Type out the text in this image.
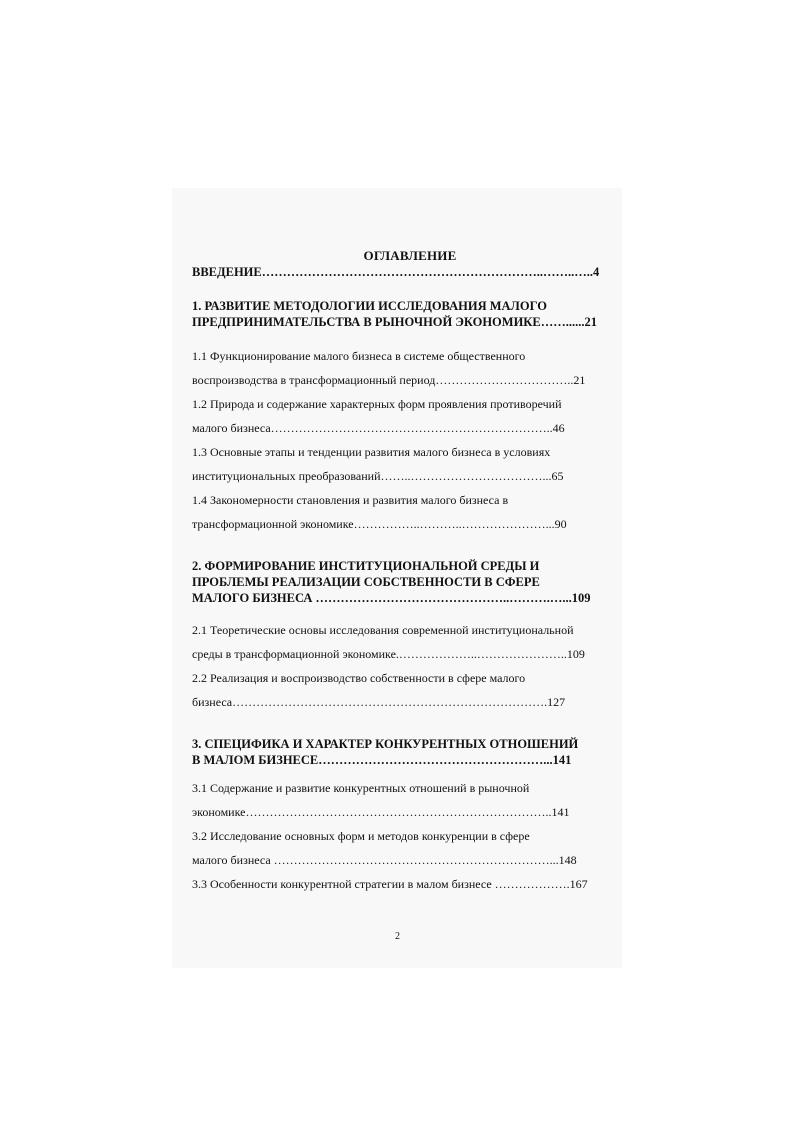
ОГЛАВЛЕНИЕ
ВВЕДЕНИЕ…………………………………………………………..……..…..4
1. РАЗВИТИЕ МЕТОДОЛОГИИ ИССЛЕДОВАНИЯ МАЛОГО
ПРЕДПРИНИМАТЕЛЬСТВА В РЫНОЧНОЙ ЭКОНОМИКЕ……......21
1.1 Функционирование малого бизнеса в системе общественного
воспроизводства в трансформационный период……………………………..21
1.2 Природа и содержание характерных форм проявления противоречий
малого бизнеса……………………………………………………………..46
1.3 Основные этапы и тенденции развития малого бизнеса в условиях
институциональных преобразований……..……………………………...65
1.4 Закономерности становления и развития малого бизнеса в
трансформационной экономике……………..………..…………………...90
2. ФОРМИРОВАНИЕ ИНСТИТУЦИОНАЛЬНОЙ СРЕДЫ И
ПРОБЛЕМЫ РЕАЛИЗАЦИИ СОБСТВЕННОСТИ В СФЕРЕ
МАЛОГО БИЗНЕСА ………………………………………..……….…...109
2.1 Теоретические основы исследования современной институциональной
среды в трансформационной экономике.………………..…………………..109
2.2 Реализация и воспроизводство собственности в сфере малого
бизнеса…………………………………………………………………….127
3. СПЕЦИФИКА И ХАРАКТЕР КОНКУРЕНТНЫХ ОТНОШЕНИЙ
В МАЛОМ БИЗНЕСЕ………………………………………………...141
3.1 Содержание и развитие конкурентных отношений в рыночной
экономике…………………………………………………………………..141
3.2 Исследование основных форм и методов конкуренции в сфере
малого бизнеса ……………………………………………………………...148
3.3 Особенности конкурентной стратегии в малом бизнесе ……………….167
2
